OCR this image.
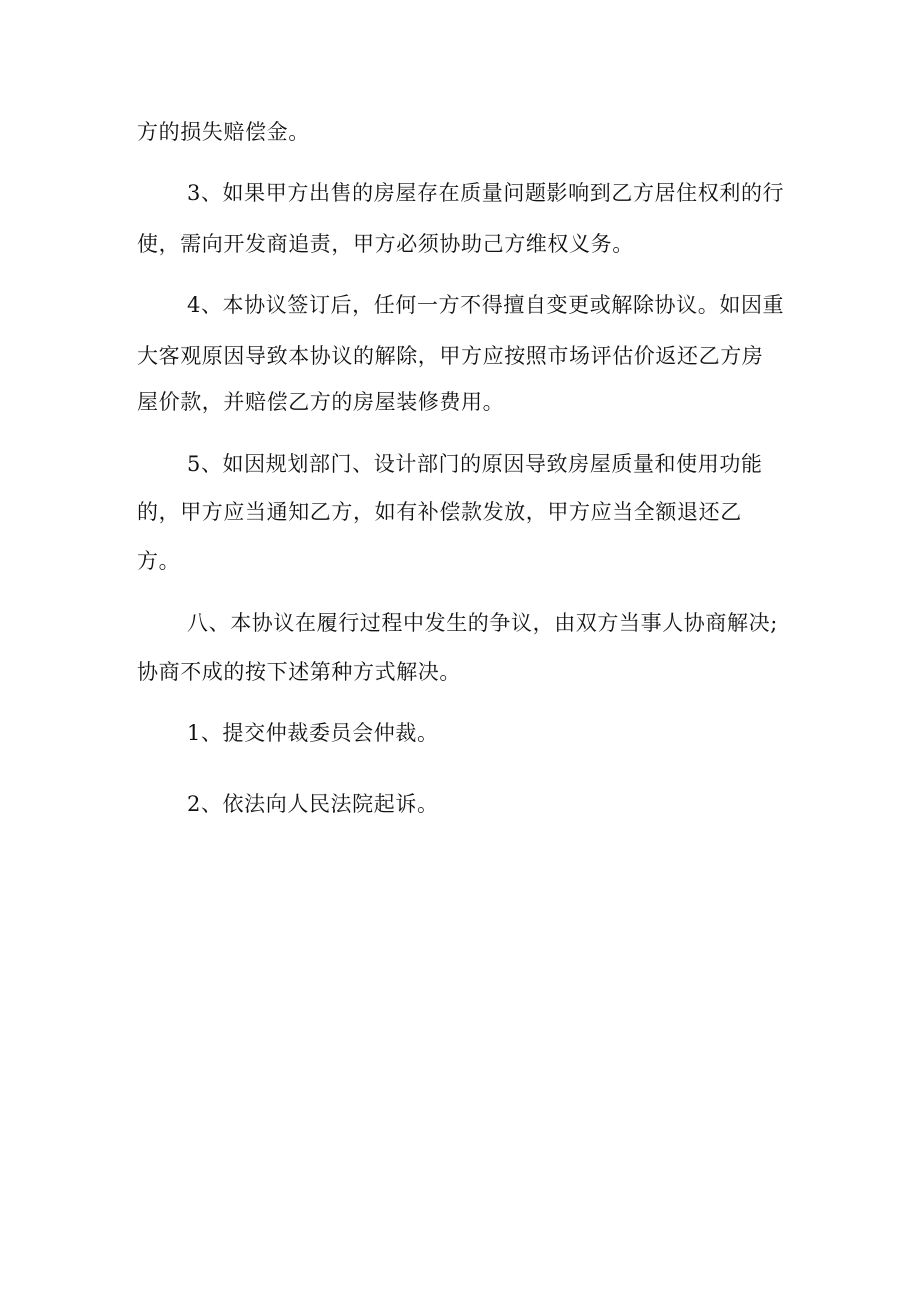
方的损失赔偿金。

3、如果甲方出售的房屋存在质量问题影响到乙方居住权利的行

使，需向开发商追责，甲方必须协助己方维权义务。

4、本协议签订后，任何一方不得擅自变更或解除协议。如因重

大客观原因导致本协议的解除，甲方应按照市场评估价返还乙方房

屋价款，并赔偿乙方的房屋装修费用。

5、如因规划部门、设计部门的原因导致房屋质量和使用功能

的，甲方应当通知乙方，如有补偿款发放，甲方应当全额退还乙

方。

八、本协议在履行过程中发生的争议，由双方当事人协商解决;

协商不成的按下述第种方式解决。

1、提交仲裁委员会仲裁。

2、依法向人民法院起诉。
